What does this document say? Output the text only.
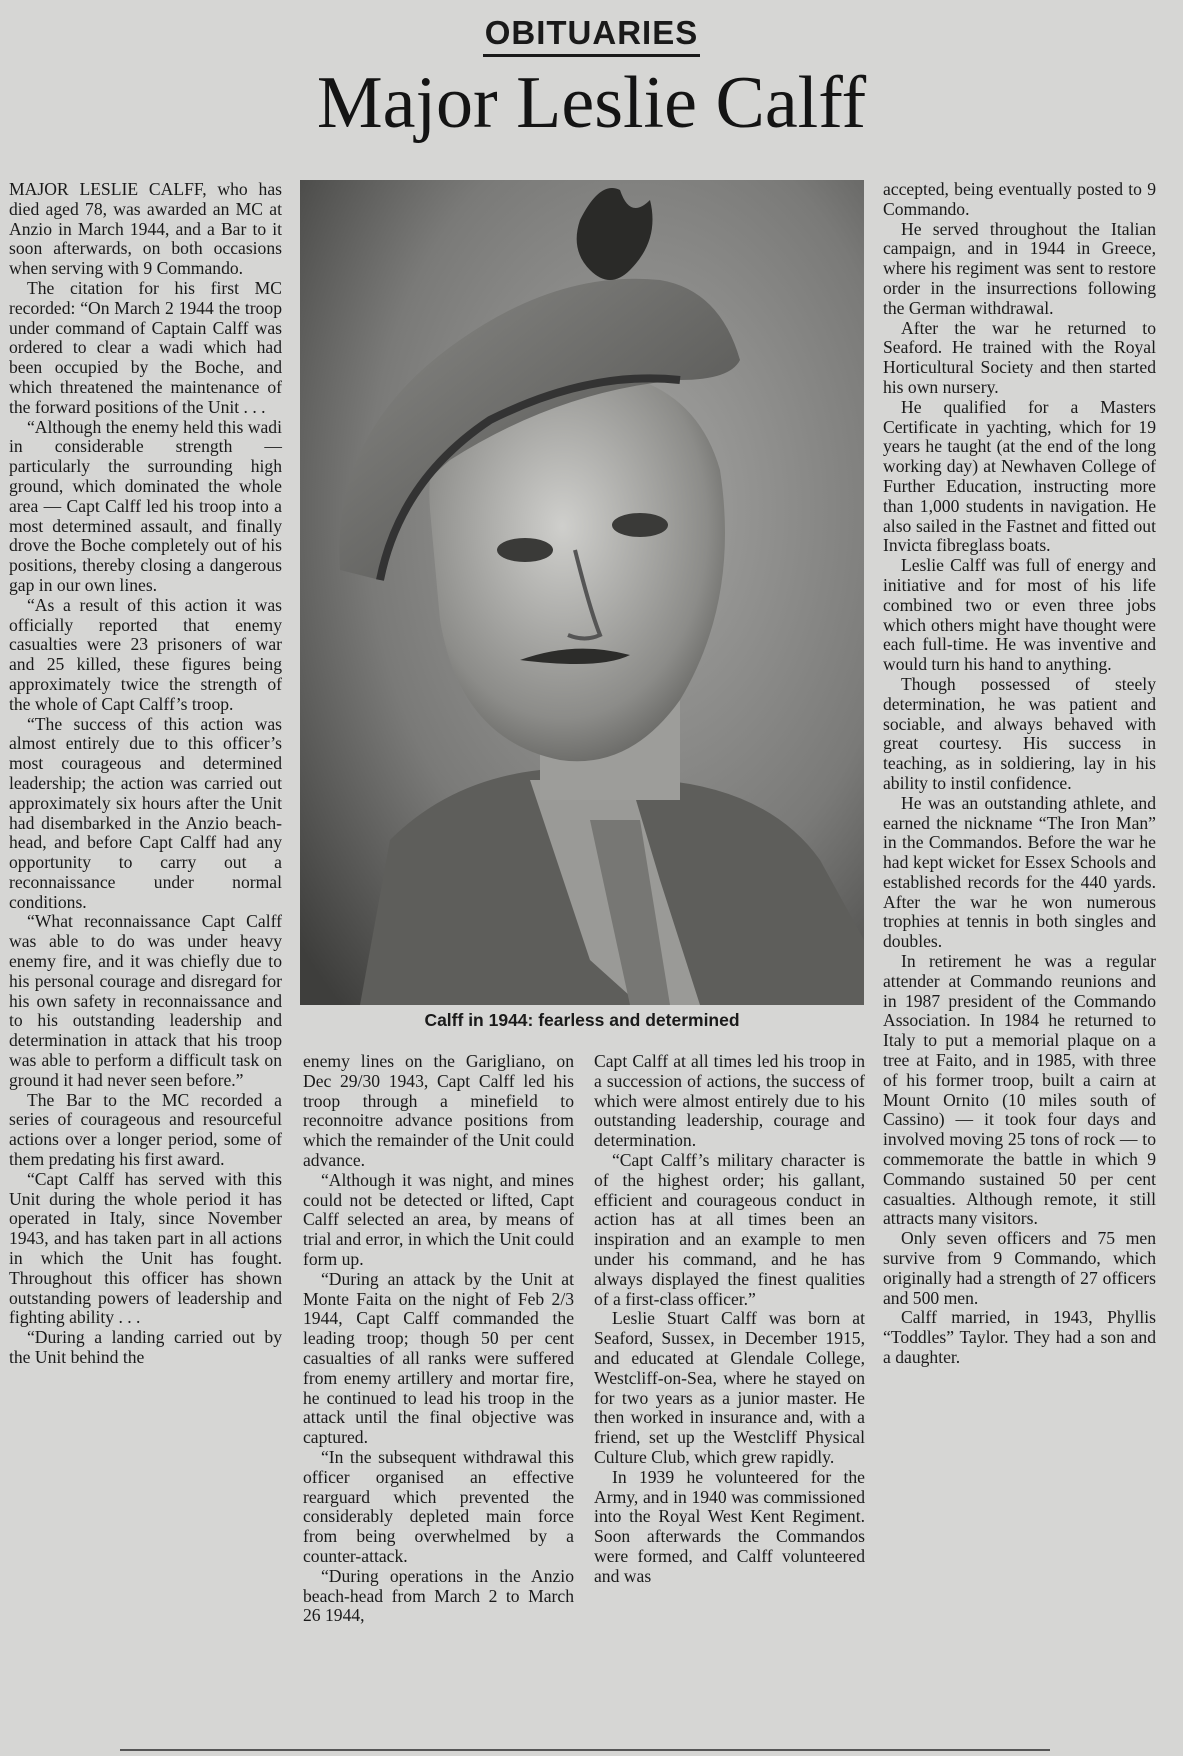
OBITUARIES
Major Leslie Calff

MAJOR LESLIE CALFF, who has died aged 78, was awarded an MC at Anzio in March 1944, and a Bar to it soon afterwards, on both occasions when serving with 9 Commando.

The citation for his first MC recorded: “On March 2 1944 the troop under command of Captain Calff was ordered to clear a wadi which had been occupied by the Boche, and which threatened the maintenance of the forward positions of the Unit . . .

“Although the enemy held this wadi in considerable strength — particularly the surrounding high ground, which dominated the whole area — Capt Calff led his troop into a most determined assault, and finally drove the Boche completely out of his positions, thereby closing a dangerous gap in our own lines.

“As a result of this action it was officially reported that enemy casualties were 23 prisoners of war and 25 killed, these figures being approximately twice the strength of the whole of Capt Calff’s troop.

“The success of this action was almost entirely due to this officer’s most courageous and determined leadership; the action was carried out approximately six hours after the Unit had disembarked in the Anzio beach-head, and before Capt Calff had any opportunity to carry out a reconnaissance under normal conditions.

“What reconnaissance Capt Calff was able to do was under heavy enemy fire, and it was chiefly due to his personal courage and disregard for his own safety in reconnaissance and to his outstanding leadership and determination in attack that his troop was able to perform a difficult task on ground it had never seen before.”

The Bar to the MC recorded a series of courageous and resourceful actions over a longer period, some of them predating his first award.

“Capt Calff has served with this Unit during the whole period it has operated in Italy, since November 1943, and has taken part in all actions in which the Unit has fought. Throughout this officer has shown outstanding powers of leadership and fighting ability . . .

“During a landing carried out by the Unit behind the

Calff in 1944: fearless and determined

enemy lines on the Garigliano, on Dec 29/30 1943, Capt Calff led his troop through a minefield to reconnoitre advance positions from which the remainder of the Unit could advance.

“Although it was night, and mines could not be detected or lifted, Capt Calff selected an area, by means of trial and error, in which the Unit could form up.

“During an attack by the Unit at Monte Faita on the night of Feb 2/3 1944, Capt Calff commanded the leading troop; though 50 per cent casualties of all ranks were suffered from enemy artillery and mortar fire, he continued to lead his troop in the attack until the final objective was captured.

“In the subsequent withdrawal this officer organised an effective rearguard which prevented the considerably depleted main force from being overwhelmed by a counter-attack.

“During operations in the Anzio beach-head from March 2 to March 26 1944,

Capt Calff at all times led his troop in a succession of actions, the success of which were almost entirely due to his outstanding leadership, courage and determination.

“Capt Calff’s military character is of the highest order; his gallant, efficient and courageous conduct in action has at all times been an inspiration and an example to men under his command, and he has always displayed the finest qualities of a first-class officer.”

Leslie Stuart Calff was born at Seaford, Sussex, in December 1915, and educated at Glendale College, Westcliff-on-Sea, where he stayed on for two years as a junior master. He then worked in insurance and, with a friend, set up the Westcliff Physical Culture Club, which grew rapidly.

In 1939 he volunteered for the Army, and in 1940 was commissioned into the Royal West Kent Regiment. Soon afterwards the Commandos were formed, and Calff volunteered and was

accepted, being eventually posted to 9 Commando.

He served throughout the Italian campaign, and in 1944 in Greece, where his regiment was sent to restore order in the insurrections following the German withdrawal.

After the war he returned to Seaford. He trained with the Royal Horticultural Society and then started his own nursery.

He qualified for a Masters Certificate in yachting, which for 19 years he taught (at the end of the long working day) at Newhaven College of Further Education, instructing more than 1,000 students in navigation. He also sailed in the Fastnet and fitted out Invicta fibreglass boats.

Leslie Calff was full of energy and initiative and for most of his life combined two or even three jobs which others might have thought were each full-time. He was inventive and would turn his hand to anything.

Though possessed of steely determination, he was patient and sociable, and always behaved with great courtesy. His success in teaching, as in soldiering, lay in his ability to instil confidence.

He was an outstanding athlete, and earned the nickname “The Iron Man” in the Commandos. Before the war he had kept wicket for Essex Schools and established records for the 440 yards. After the war he won numerous trophies at tennis in both singles and doubles.

In retirement he was a regular attender at Commando reunions and in 1987 president of the Commando Association. In 1984 he returned to Italy to put a memorial plaque on a tree at Faito, and in 1985, with three of his former troop, built a cairn at Mount Ornito (10 miles south of Cassino) — it took four days and involved moving 25 tons of rock — to commemorate the battle in which 9 Commando sustained 50 per cent casualties. Although remote, it still attracts many visitors.

Only seven officers and 75 men survive from 9 Commando, which originally had a strength of 27 officers and 500 men.

Calff married, in 1943, Phyllis “Toddles” Taylor. They had a son and a daughter.
